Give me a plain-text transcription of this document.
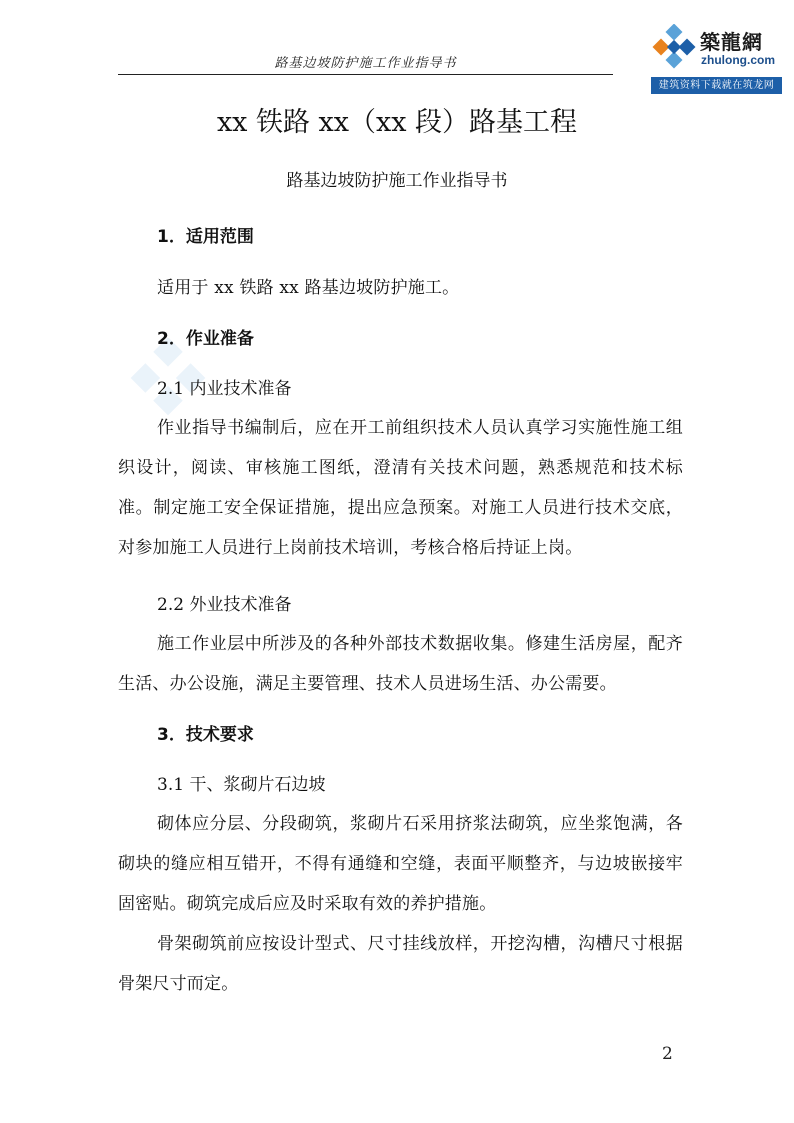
路基边坡防护施工作业指导书
築龍網
zhulong.com
建筑资料下载就在筑龙网
xx 铁路 xx（xx 段）路基工程
路基边坡防护施工作业指导书
1．适用范围

适用于 xx 铁路 xx 路基边坡防护施工。

2．作业准备
2.1 内业技术准备

作业指导书编制后，应在开工前组织技术人员认真学习实施性施工组织设计，阅读、审核施工图纸，澄清有关技术问题，熟悉规范和技术标准。制定施工安全保证措施，提出应急预案。对施工人员进行技术交底，对参加施工人员进行上岗前技术培训，考核合格后持证上岗。

2.2 外业技术准备

施工作业层中所涉及的各种外部技术数据收集。修建生活房屋，配齐生活、办公设施，满足主要管理、技术人员进场生活、办公需要。

3．技术要求
3.1 干、浆砌片石边坡

砌体应分层、分段砌筑，浆砌片石采用挤浆法砌筑，应坐浆饱满，各砌块的缝应相互错开，不得有通缝和空缝，表面平顺整齐，与边坡嵌接牢固密贴。砌筑完成后应及时采取有效的养护措施。

骨架砌筑前应按设计型式、尺寸挂线放样，开挖沟槽，沟槽尺寸根据骨架尺寸而定。

2
